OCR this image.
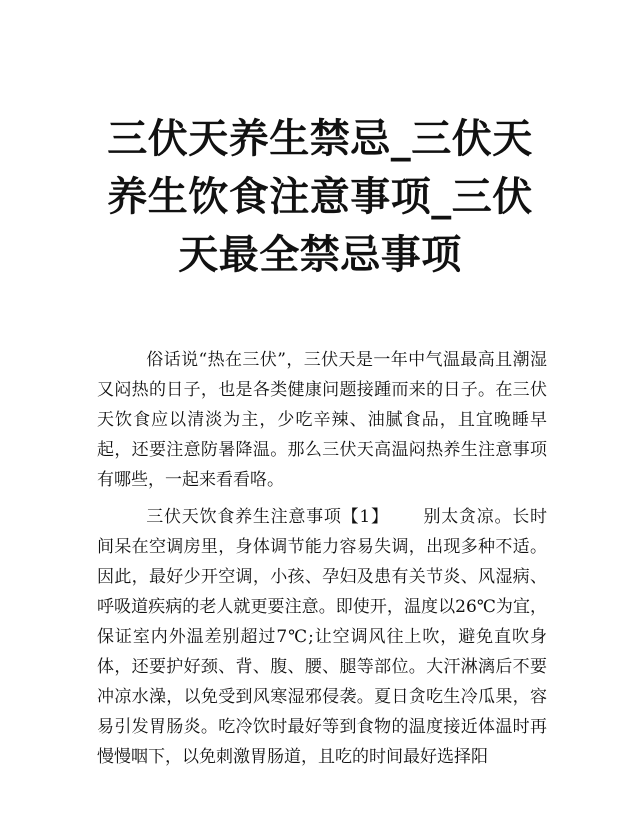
三伏天养生禁忌_三伏天养生饮食注意事项_三伏天最全禁忌事项

俗话说“热在三伏”，三伏天是一年中气温最高且潮湿又闷热的日子，也是各类健康问题接踵而来的日子。在三伏天饮食应以清淡为主，少吃辛辣、油腻食品，且宜晚睡早起，还要注意防暑降温。那么三伏天高温闷热养生注意事项有哪些，一起来看看咯。

三伏天饮食养生注意事项【1】   别太贪凉。长时间呆在空调房里，身体调节能力容易失调，出现多种不适。因此，最好少开空调，小孩、孕妇及患有关节炎、风湿病、呼吸道疾病的老人就更要注意。即使开，温度以26℃为宜，保证室内外温差别超过7℃;让空调风往上吹，避免直吹身体，还要护好颈、背、腹、腰、腿等部位。大汗淋漓后不要冲凉水澡，以免受到风寒湿邪侵袭。夏日贪吃生冷瓜果，容易引发胃肠炎。吃冷饮时最好等到食物的温度接近体温时再慢慢咽下，以免刺激胃肠道，且吃的时间最好选择阳
